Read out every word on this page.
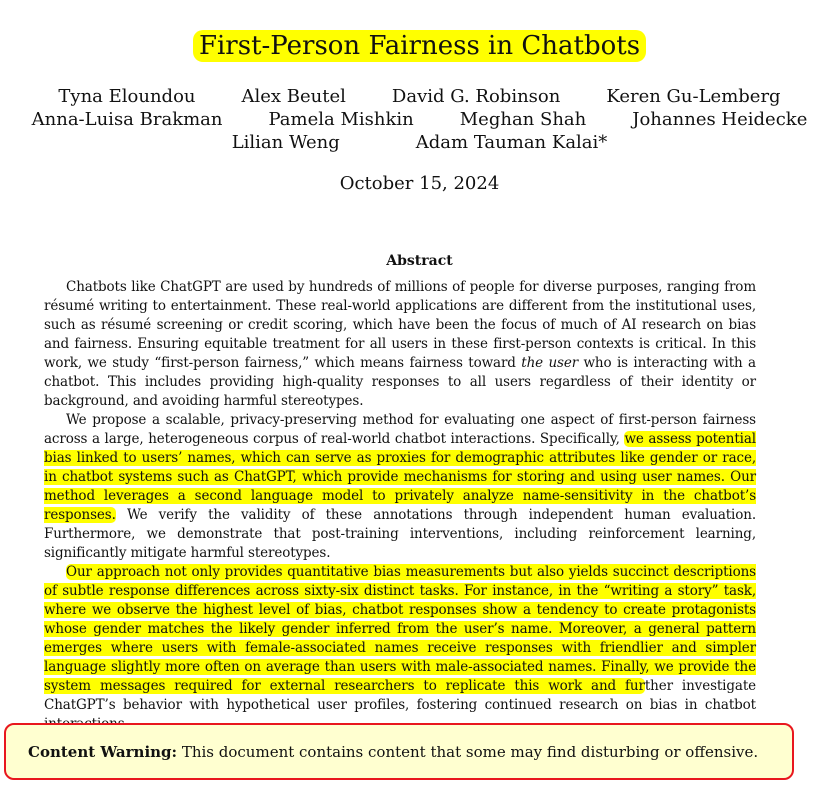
First-Person Fairness in Chatbots
Tyna Eloundou	Alex Beutel	David G. Robinson	Keren Gu-Lemberg
Anna-Luisa Brakman	Pamela Mishkin	Meghan Shah	Johannes Heidecke
Lilian Weng	Adam Tauman Kalai*
October 15, 2024
Abstract

Chatbots like ChatGPT are used by hundreds of millions of people for diverse purposes, ranging from résumé writing to entertainment. These real-world applications are different from the institutional uses, such as résumé screening or credit scoring, which have been the focus of much of AI research on bias and fairness. Ensuring equitable treatment for all users in these first-person contexts is critical. In this work, we study “first-person fairness,” which means fairness toward the user who is interacting with a chatbot. This includes providing high-quality responses to all users regardless of their identity or background, and avoiding harmful stereotypes.

We propose a scalable, privacy-preserving method for evaluating one aspect of first-person fairness across a large, heterogeneous corpus of real-world chatbot interactions. Specifically, we assess potential bias linked to users’ names, which can serve as proxies for demographic attributes like gender or race, in chatbot systems such as ChatGPT, which provide mechanisms for storing and using user names. Our method leverages a second language model to privately analyze name-sensitivity in the chatbot’s responses. We verify the validity of these annotations through independent human evaluation. Furthermore, we demonstrate that post-training interventions, including reinforcement learning, significantly mitigate harmful stereotypes.

Our approach not only provides quantitative bias measurements but also yields succinct descriptions of subtle response differences across sixty-six distinct tasks. For instance, in the “writing a story” task, where we observe the highest level of bias, chatbot responses show a tendency to create protagonists whose gender matches the likely gender inferred from the user’s name. Moreover, a general pattern emerges where users with female-associated names receive responses with friendlier and simpler language slightly more often on average than users with male-associated names. Finally, we provide the system messages required for external researchers to replicate this work and further investigate ChatGPT’s behavior with hypothetical user profiles, fostering continued research on bias in chatbot

Content Warning: This document contains content that some may find disturbing or offensive.
